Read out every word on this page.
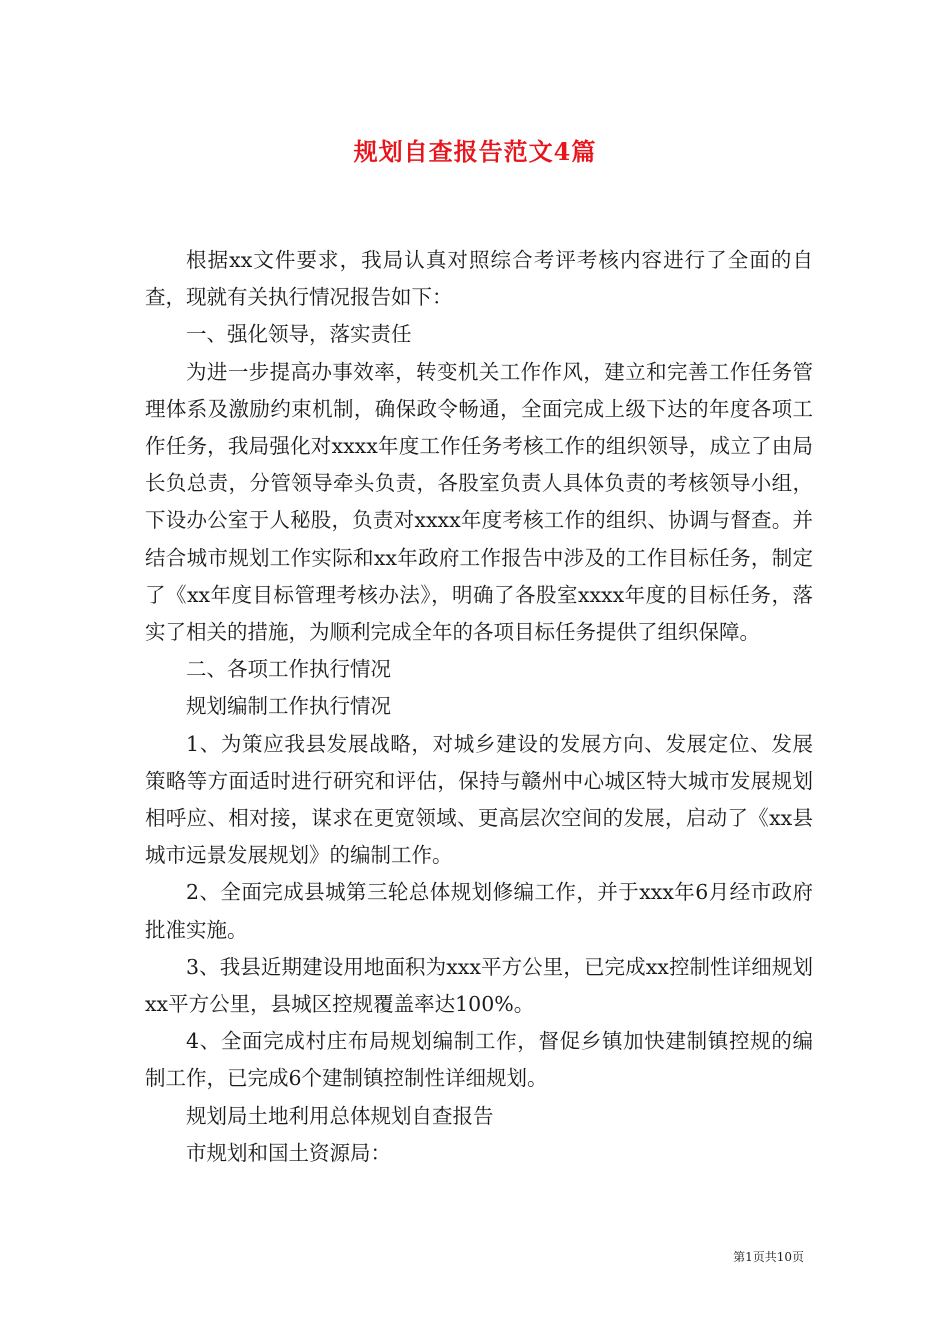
规划自查报告范文4篇

根据xx文件要求，我局认真对照综合考评考核内容进行了全面的自查，现就有关执行情况报告如下：

一、强化领导，落实责任

为进一步提高办事效率，转变机关工作作风，建立和完善工作任务管理体系及激励约束机制，确保政令畅通，全面完成上级下达的年度各项工作任务，我局强化对xxxx年度工作任务考核工作的组织领导，成立了由局长负总责，分管领导牵头负责，各股室负责人具体负责的考核领导小组，下设办公室于人秘股，负责对xxxx年度考核工作的组织、协调与督查。并结合城市规划工作实际和xx年政府工作报告中涉及的工作目标任务，制定了《xx年度目标管理考核办法》，明确了各股室xxxx年度的目标任务，落实了相关的措施，为顺利完成全年的各项目标任务提供了组织保障。

二、各项工作执行情况

规划编制工作执行情况

1、为策应我县发展战略，对城乡建设的发展方向、发展定位、发展策略等方面适时进行研究和评估，保持与赣州中心城区特大城市发展规划相呼应、相对接，谋求在更宽领域、更高层次空间的发展，启动了《xx县城市远景发展规划》的编制工作。

2、全面完成县城第三轮总体规划修编工作，并于xxx年6月经市政府批准实施。

3、我县近期建设用地面积为xxx平方公里，已完成xx控制性详细规划xx平方公里，县城区控规覆盖率达100%。

4、全面完成村庄布局规划编制工作，督促乡镇加快建制镇控规的编制工作，已完成6个建制镇控制性详细规划。

规划局土地利用总体规划自查报告

市规划和国土资源局：

第1页共10页
